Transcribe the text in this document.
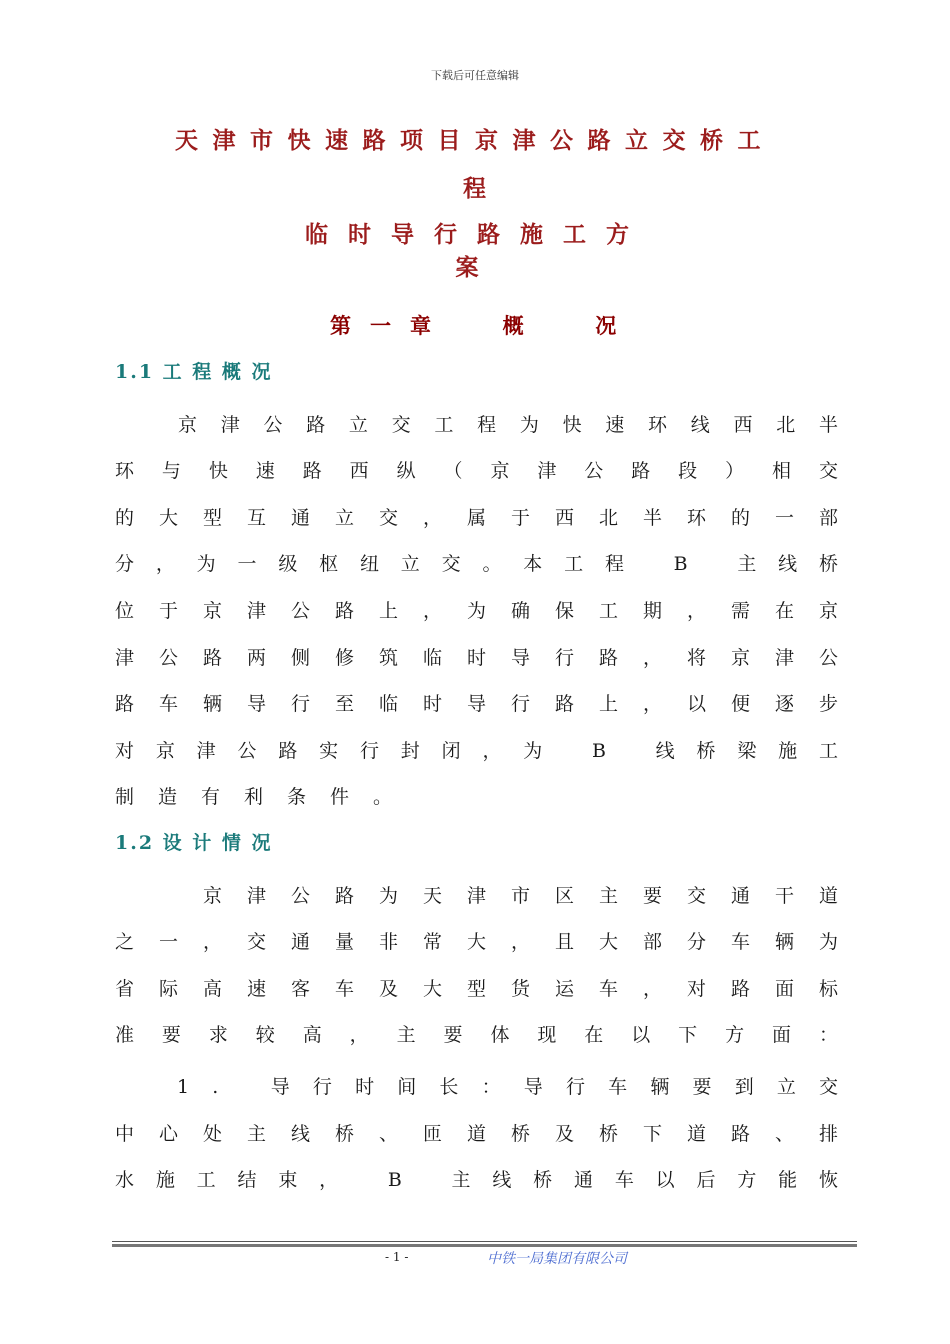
下载后可任意编辑
天津市快速路项目京津公路立交桥工
程
临时导行路施工方案
第一章  概  况
1.1 工 程 概 况
京津公路立交工程为快速环线西北半
环与快速路西纵（京津公路段）相交
的大型互通立交，属于西北半环的一部
分，为一级枢纽立交。本工程 B 主线桥
位于京津公路上，为确保工期，需在京
津公路两侧修筑临时导行路，将京津公
路车辆导行至临时导行路上，以便逐步
对京津公路实行封闭，为 B 线桥梁施工
制造有利条件。
1.2 设 计 情 况
京津公路为天津市区主要交通干道
之一，交通量非常大，且大部分车辆为
省际高速客车及大型货运车，对路面标
准要求较高，主要体现在以下方面：
1. 导行时间长：导行车辆要到立交
中心处主线桥、匝道桥及桥下道路、排
水施工结束， B 主线桥通车以后方能恢
- 1 -	中铁一局集团有限公司
